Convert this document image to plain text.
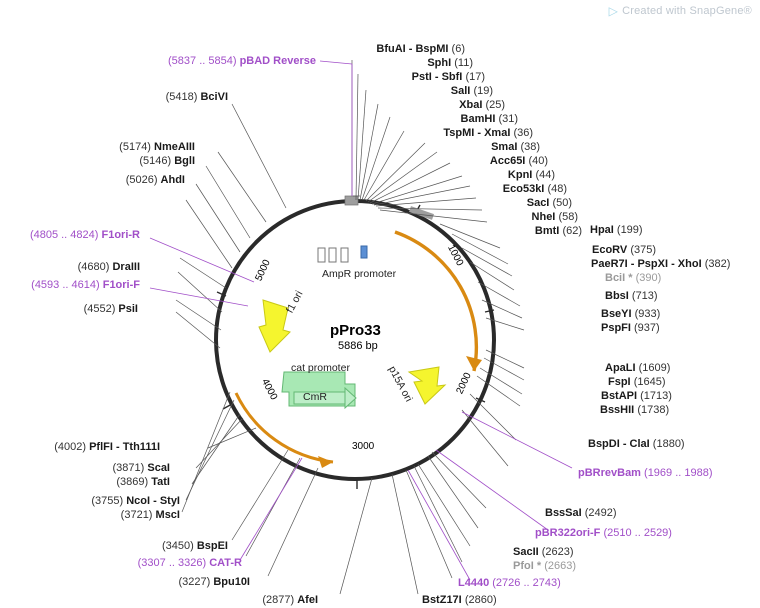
▷ Created with SnapGene®
pPro33
5886 bp
1000
2000
3000
4000
5000	AmpR promoter
f1 ori
cat promoter
CmR	p15A ori
BfuAI - BspMI (6)
SphI (11)
PstI - SbfI (17)
SalI (19)
XbaI (25)
BamHI (31)
TspMI - XmaI (36)
SmaI (38)
Acc65I (40)
KpnI (44)
Eco53kI (48)
SacI (50)
NheI (58)
BmtI (62) HpaI (199)
EcoRV (375)
PaeR7I - PspXI - XhoI (382)
BciI * (390)
BbsI (713)
BseYI (933)
PspFI (937)
ApaLI (1609)
FspI (1645)
BstAPI (1713)
BssHII (1738)
BspDI - ClaI (1880)
pBRrevBam (1969 .. 1988)
BssSaI (2492)
pBR322ori-F (2510 .. 2529)
SacII (2623)
PfoI * (2663)
L4440 (2726 .. 2743)
BstZ17I (2860)
(2877) AfeI
(3227) Bpu10I
(3307 .. 3326) CAT-R
(3450) BspEI
(5837 .. 5854) pBAD Reverse
(5418) BciVI
(5174) NmeAIII
(5146) BglI
(5026) AhdI
(4805 .. 4824) F1ori-R
(4680) DraIII
(4593 .. 4614) F1ori-F
(4552) PsiI
(4002) PflFI - Tth111I
(3871) ScaI
(3869) TatI
(3755) NcoI - StyI
(3721) MscI
